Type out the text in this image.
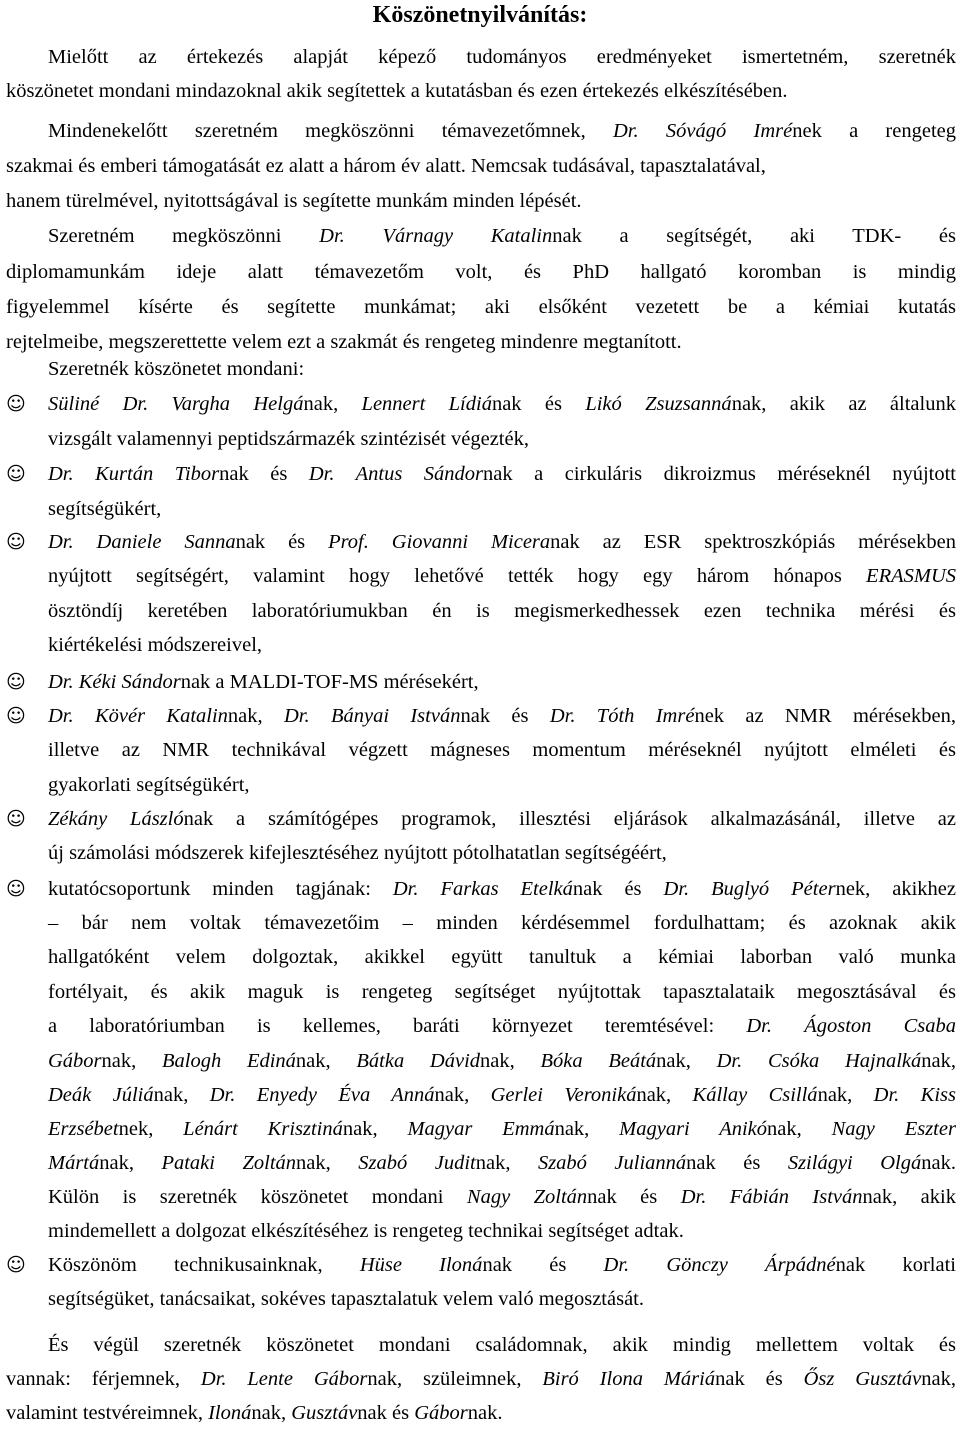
Köszönetnyilvánítás:
Mielőtt az értekezés alapját képező tudományos eredményeket ismertetném, szeretnék
köszönetet mondani mindazoknal akik segítettek a kutatásban és ezen értekezés elkészítésében.
Mindenekelőtt szeretném megköszönni témavezetőmnek, Dr. Sóvágó Imrének a rengeteg
szakmai és emberi támogatását ez alatt a három év alatt. Nemcsak tudásával, tapasztalatával,
hanem türelmével, nyitottságával is segítette munkám minden lépését.
Szeretném megköszönni Dr. Várnagy Katalinnak a segítségét, aki TDK- és
diplomamunkám ideje alatt témavezetőm volt, és PhD hallgató koromban is mindig
figyelemmel kísérte és segítette munkámat; aki elsőként vezetett be a kémiai kutatás
rejtelmeibe, megszerettette velem ezt a szakmát és rengeteg mindenre megtanított.
Szeretnék köszönetet mondani:
☺ Süliné Dr. Vargha Helgának, Lennert Lídiának és Likó Zsuzsannának, akik az általunk
vizsgált valamennyi peptidszármazék szintézisét végezték,
☺ Dr. Kurtán Tibornak és Dr. Antus Sándornak a cirkuláris dikroizmus méréseknél nyújtott
segítségükért,
☺ Dr. Daniele Sannanak és Prof. Giovanni Miceranak az ESR spektroszkópiás mérésekben
nyújtott segítségért, valamint hogy lehetővé tették hogy egy három hónapos ERASMUS
ösztöndíj keretében laboratóriumukban én is megismerkedhessek ezen technika mérési és
kiértékelési módszereivel,
☺ Dr. Kéki Sándornak a MALDI-TOF-MS mérésekért,
☺ Dr. Kövér Katalinnak, Dr. Bányai Istvánnak és Dr. Tóth Imrének az NMR mérésekben,
illetve az NMR technikával végzett mágneses momentum méréseknél nyújtott elméleti és
gyakorlati segítségükért,
☺ Zékány Lászlónak a számítógépes programok, illesztési eljárások alkalmazásánál, illetve az
új számolási módszerek kifejlesztéséhez nyújtott pótolhatatlan segítségéért,
☺ kutatócsoportunk minden tagjának: Dr. Farkas Etelkának és Dr. Buglyó Péternek, akikhez
– bár nem voltak témavezetőim – minden kérdésemmel fordulhattam; és azoknak akik
hallgatóként velem dolgoztak, akikkel együtt tanultuk a kémiai laborban való munka
fortélyait, és akik maguk is rengeteg segítséget nyújtottak tapasztalataik megosztásával és
a laboratóriumban is kellemes, baráti környezet teremtésével: Dr. Ágoston Csaba
Gábornak, Balogh Edinának, Bátka Dávidnak, Bóka Beátának, Dr. Csóka Hajnalkának,
Deák Júliának, Dr. Enyedy Éva Annának, Gerlei Veronikának, Kállay Csillának, Dr. Kiss
Erzsébetnek, Lénárt Krisztinának, Magyar Emmának, Magyari Anikónak, Nagy Eszter
Mártának, Pataki Zoltánnak, Szabó Juditnak, Szabó Juliannának és Szilágyi Olgának.
Külön is szeretnék köszönetet mondani Nagy Zoltánnak és Dr. Fábián Istvánnak, akik
mindemellett a dolgozat elkészítéséhez is rengeteg technikai segítséget adtak.
☺ Köszönöm technikusainknak, Hüse Ilonának és Dr. Gönczy Árpádnénak korlati
segítségüket, tanácsaikat, sokéves tapasztalatuk velem való megosztását.
És végül szeretnék köszönetet mondani családomnak, akik mindig mellettem voltak és
vannak: férjemnek, Dr. Lente Gábornak, szüleimnek, Biró Ilona Máriának és Ősz Gusztávnak,
valamint testvéreimnek, Ilonának, Gusztávnak és Gábornak.
